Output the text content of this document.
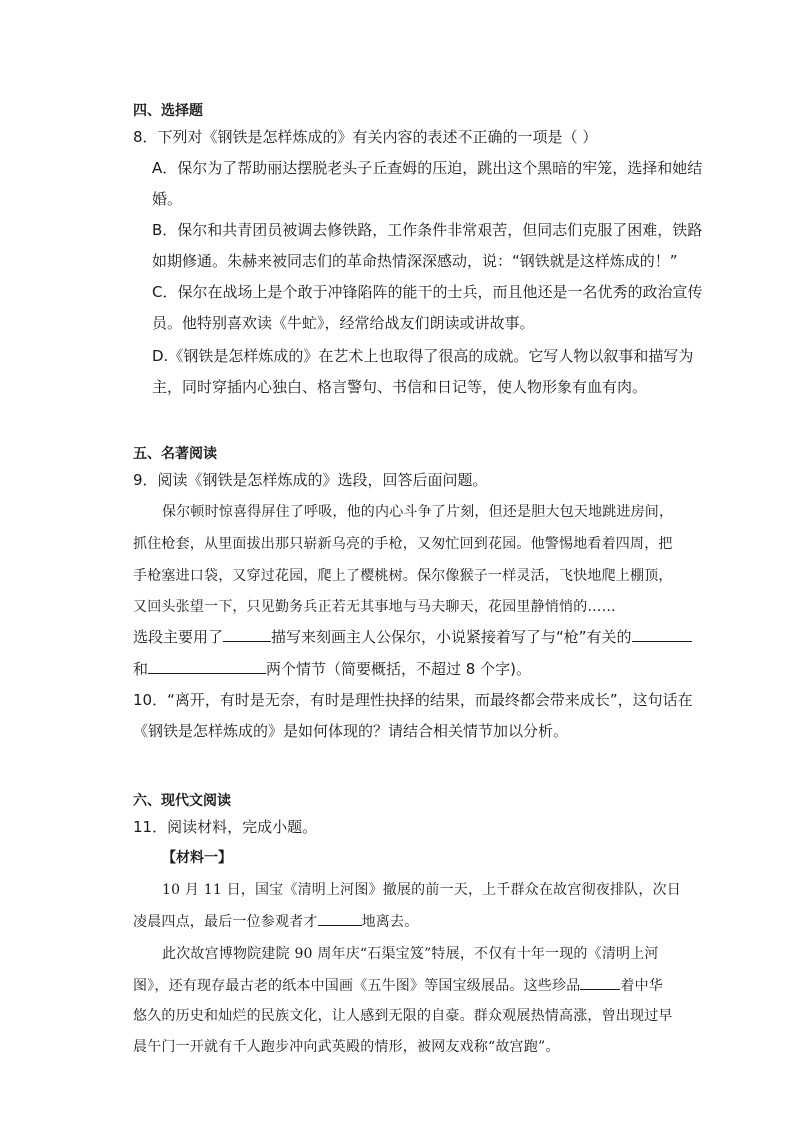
四、选择题
8．下列对《钢铁是怎样炼成的》有关内容的表述不正确的一项是（ ）
A．保尔为了帮助丽达摆脱老头子丘查姆的压迫，跳出这个黑暗的牢笼，选择和她结
婚。
B．保尔和共青团员被调去修铁路，工作条件非常艰苦，但同志们克服了困难，铁路
如期修通。朱赫来被同志们的革命热情深深感动，说：“钢铁就是这样炼成的！”
C．保尔在战场上是个敢于冲锋陷阵的能干的士兵，而且他还是一名优秀的政治宣传
员。他特别喜欢读《牛虻》，经常给战友们朗读或讲故事。
D.《钢铁是怎样炼成的》在艺术上也取得了很高的成就。它写人物以叙事和描写为
主，同时穿插内心独白、格言警句、书信和日记等，使人物形象有血有肉。
五、名著阅读
9．阅读《钢铁是怎样炼成的》选段，回答后面问题。
保尔顿时惊喜得屏住了呼吸，他的内心斗争了片刻，但还是胆大包天地跳进房间，
抓住枪套，从里面拔出那只崭新乌亮的手枪，又匆忙回到花园。他警惕地看着四周，把
手枪塞进口袋，又穿过花园，爬上了樱桃树。保尔像猴子一样灵活，飞快地爬上棚顶，
又回头张望一下，只见勤务兵正若无其事地与马夫聊天，花园里静悄悄的……
选段主要用了	描写来刻画主人公保尔，小说紧接着写了与“枪”有关的
和	两个情节（简要概括，不超过 8 个字)。
10．“离开，有时是无奈，有时是理性抉择的结果，而最终都会带来成长”，这句话在
《钢铁是怎样炼成的》是如何体现的？请结合相关情节加以分析。
六、现代文阅读
11．阅读材料，完成小题。
【材料一】
10 月 11 日，国宝《清明上河图》撤展的前一天，上千群众在故宫彻夜排队，次日
凌晨四点，最后一位参观者才	地离去。
此次故宫博物院建院 90 周年庆“石渠宝笈”特展，不仅有十年一现的《清明上河
图》，还有现存最古老的纸本中国画《五牛图》等国宝级展品。这些珍品	着中华
悠久的历史和灿烂的民族文化，让人感到无限的自豪。群众观展热情高涨，曾出现过早
晨午门一开就有千人跑步冲向武英殿的情形，被网友戏称“故宫跑”。
